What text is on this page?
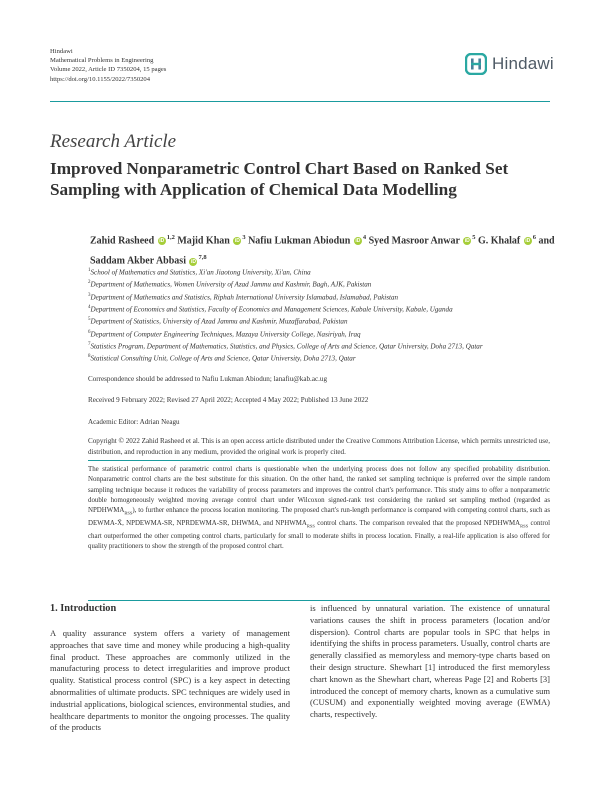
Hindawi
Mathematical Problems in Engineering
Volume 2022, Article ID 7350204, 15 pages
https://doi.org/10.1155/2022/7350204
Hindawi
Research Article
Improved Nonparametric Control Chart Based on Ranked Set Sampling with Application of Chemical Data Modelling
Zahid Rasheed iD$^{1,2}$ Majid Khan $iD^3$ Nafiu Lukman Abiodun $iD^4$ Syed Masroor Anwar $iD^5$ G. Khalaf $iD^6$ and Saddam Akber Abbasi iD$^{7,8}$
$^1$School of Mathematics and Statistics, Xi'an Jiaotong University, Xi'an, China
$^2$Department of Mathematics, Women University of Azad Jammu and Kashmir, Bagh, AJK, Pakistan
$^3$Department of Mathematics and Statistics, Riphah International University Islamabad, Islamabad, Pakistan
$^4$Department of Economics and Statistics, Faculty of Economics and Management Sciences, Kabale University, Kabale, Uganda
$^5$Department of Statistics, University of Azad Jammu and Kashmir, Muzaffarabad, Pakistan
$^6$Department of Computer Engineering Techniques, Mazaya University College, Nasiriyah, Iraq
$^7$Statistics Program, Department of Mathematics, Statistics, and Physics, College of Arts and Science, Qatar University, Doha 2713, Qatar
$^8$Statistical Consulting Unit, College of Arts and Science, Qatar University, Doha 2713, Qatar
Correspondence should be addressed to Nafiu Lukman Abiodun; lanafiu@kab.ac.ug
Received 9 February 2022; Revised 27 April 2022; Accepted 4 May 2022; Published 13 June 2022
Academic Editor: Adrian Neagu
Copyright © 2022 Zahid Rasheed et al. This is an open access article distributed under the Creative Commons Attribution License, which permits unrestricted use, distribution, and reproduction in any medium, provided the original work is properly cited.
The statistical performance of parametric control charts is questionable when the underlying process does not follow any specified probability distribution. Nonparametric control charts are the best substitute for this situation. On the other hand, the ranked set sampling technique is preferred over the simple random sampling technique because it reduces the variability of process parameters and improves the control chart's performance. This study aims to offer a nonparametric double homogeneously weighted moving average control chart under Wilcoxon signed-rank test considering the ranked set sampling method (regarded as $NPDHWMA_{RSS}$), to further enhance the process location monitoring. The proposed chart's run-length performance is compared with competing control charts, such as DEWMA-X̄, NPDEWMA-SR, NPRDEWMA-SR, DHWMA, and $NPHWMA_{RSS}$ control charts. The comparison revealed that the proposed $NPDHWMA_{RSS}$ control chart outperformed the other competing control charts, particularly for small to moderate shifts in process location. Finally, a real-life application is also offered for quality practitioners to show the strength of the proposed control chart.
1. Introduction
A quality assurance system offers a variety of management approaches that save time and money while producing a high-quality final product. These approaches are commonly utilized in the manufacturing process to detect irregularities and improve product quality. Statistical process control (SPC) is a key aspect in detecting abnormalities of ultimate products. SPC techniques are widely used in industrial applications, biological sciences, environmental studies, and healthcare departments to monitor the ongoing processes. The quality of the products
is influenced by unnatural variation. The existence of unnatural variations causes the shift in process parameters (location and/or dispersion). Control charts are popular tools in SPC that helps in identifying the shifts in process parameters. Usually, control charts are generally classified as memoryless and memory-type charts based on their design structure. Shewhart [1] introduced the first memoryless chart known as the Shewhart chart, whereas Page [2] and Roberts [3] introduced the concept of memory charts, known as a cumulative sum (CUSUM) and exponentially weighted moving average (EWMA) charts, respectively.
